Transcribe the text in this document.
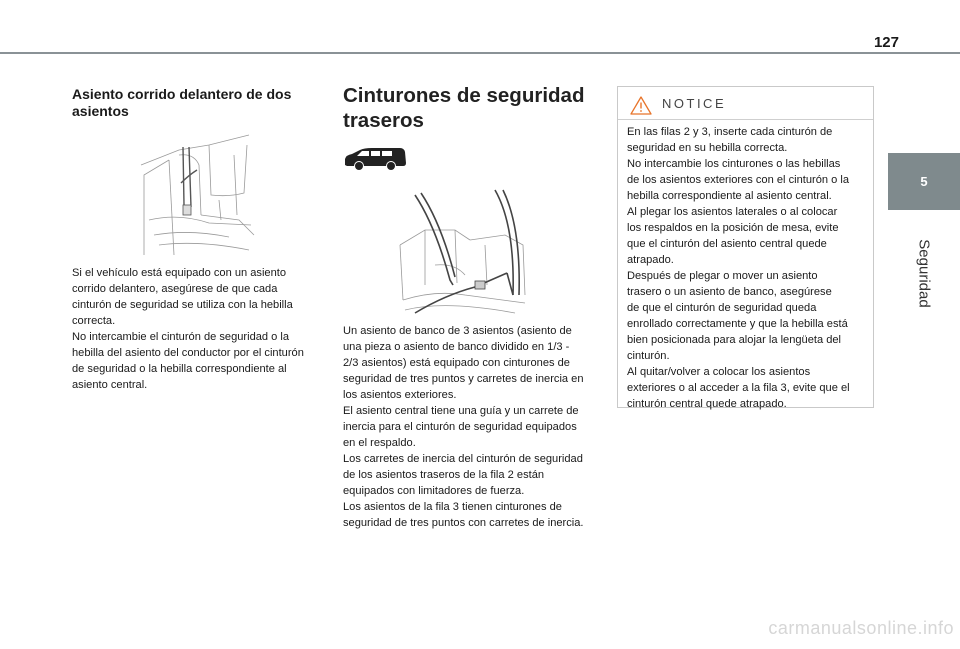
127
5
Seguridad
Asiento corrido delantero de dos asientos
Si el vehículo está equipado con un asiento
corrido delantero, asegúrese de que cada
cinturón de seguridad se utiliza con la hebilla
correcta.
No intercambie el cinturón de seguridad o la
hebilla del asiento del conductor por el cinturón
de seguridad o la hebilla correspondiente al
asiento central.
Cinturones de seguridad traseros
Un asiento de banco de 3 asientos (asiento de
una pieza o asiento de banco dividido en 1/3 -
2/3 asientos) está equipado con cinturones de
seguridad de tres puntos y carretes de inercia en
los asientos exteriores.
El asiento central tiene una guía y un carrete de
inercia para el cinturón de seguridad equipados
en el respaldo.
Los carretes de inercia del cinturón de seguridad
de los asientos traseros de la fila 2 están
equipados con limitadores de fuerza.
Los asientos de la fila 3 tienen cinturones de
seguridad de tres puntos con carretes de inercia.
NOTICE
En las filas 2 y 3, inserte cada cinturón de
seguridad en su hebilla correcta.
No intercambie los cinturones o las hebillas
de los asientos exteriores con el cinturón o la
hebilla correspondiente al asiento central.
Al plegar los asientos laterales o al colocar
los respaldos en la posición de mesa, evite
que el cinturón del asiento central quede
atrapado.
Después de plegar o mover un asiento
trasero o un asiento de banco, asegúrese
de que el cinturón de seguridad queda
enrollado correctamente y que la hebilla está
bien posicionada para alojar la lengüeta del
cinturón.
Al quitar/volver a colocar los asientos
exteriores o al acceder a la fila 3, evite que el
cinturón central quede atrapado.
carmanualsonline.info
